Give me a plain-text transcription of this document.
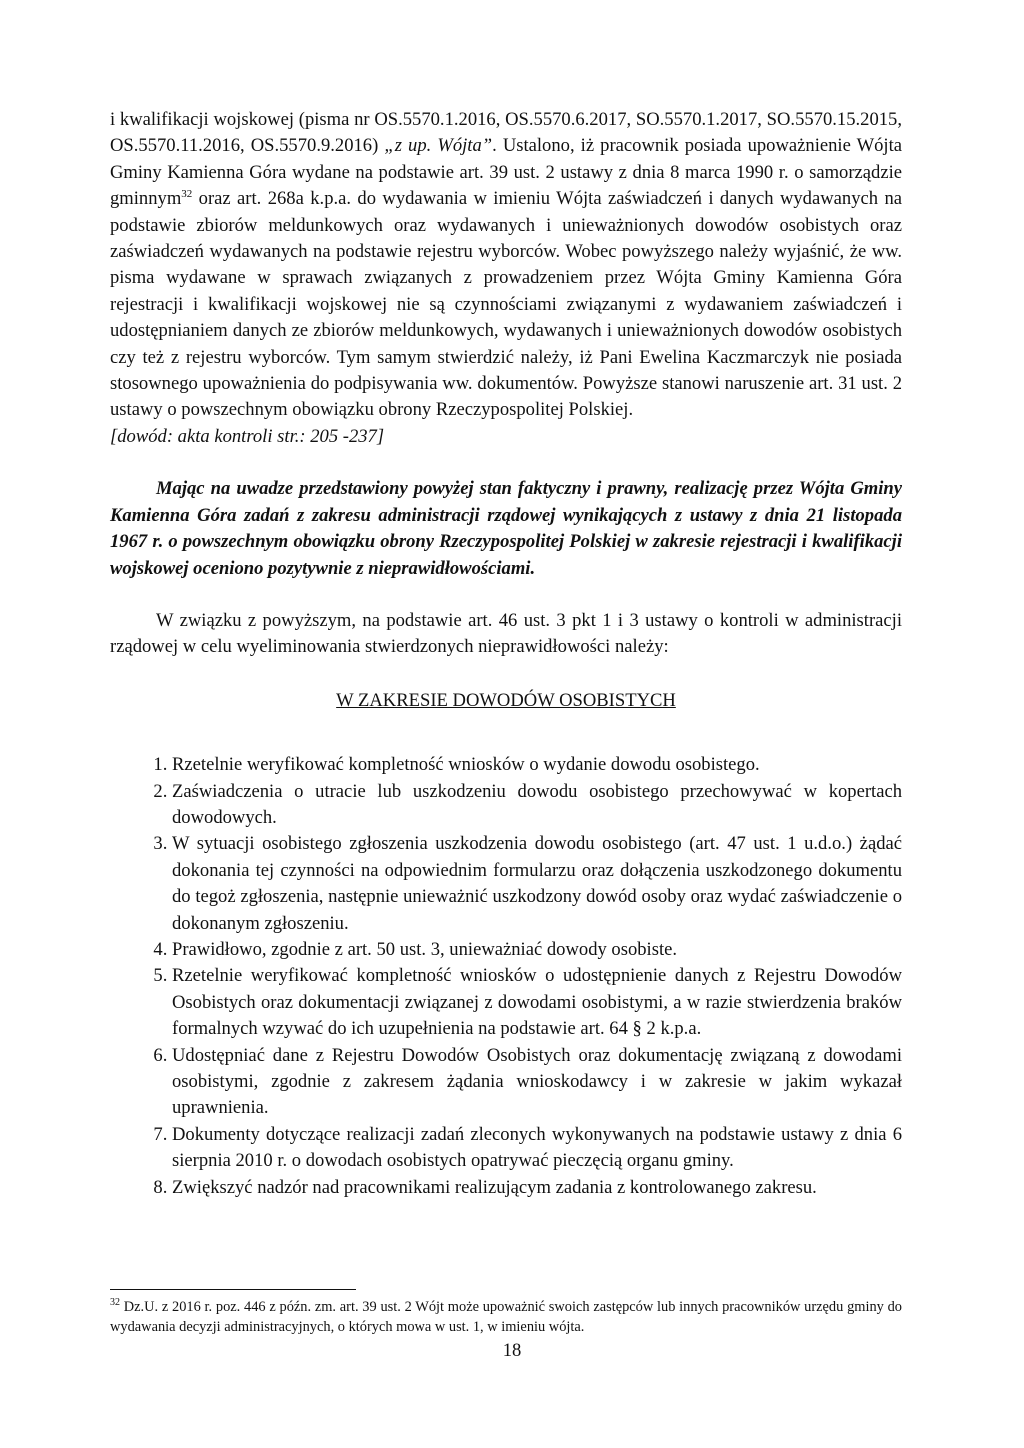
i kwalifikacji wojskowej (pisma nr OS.5570.1.2016, OS.5570.6.2017, SO.5570.1.2017, SO.5570.15.2015, OS.5570.11.2016, OS.5570.9.2016) „z up. Wójta”. Ustalono, iż pracownik posiada upoważnienie Wójta Gminy Kamienna Góra wydane na podstawie art. 39 ust. 2 ustawy z dnia 8 marca 1990 r. o samorządzie gminnym$^{32}$ oraz art. 268a k.p.a. do wydawania w imieniu Wójta zaświadczeń i danych wydawanych na podstawie zbiorów meldunkowych oraz wydawanych i unieważnionych dowodów osobistych oraz zaświadczeń wydawanych na podstawie rejestru wyborców. Wobec powyższego należy wyjaśnić, że ww. pisma wydawane w sprawach związanych z prowadzeniem przez Wójta Gminy Kamienna Góra rejestracji i kwalifikacji wojskowej nie są czynnościami związanymi z wydawaniem zaświadczeń i udostępnianiem danych ze zbiorów meldunkowych, wydawanych i unieważnionych dowodów osobistych czy też z rejestru wyborców. Tym samym stwierdzić należy, iż Pani Ewelina Kaczmarczyk nie posiada stosownego upoważnienia do podpisywania ww. dokumentów. Powyższe stanowi naruszenie art. 31 ust. 2 ustawy o powszechnym obowiązku obrony Rzeczypospolitej Polskiej.

[dowód: akta kontroli str.: 205 -237]

Mając na uwadze przedstawiony powyżej stan faktyczny i prawny, realizację przez Wójta Gminy Kamienna Góra zadań z zakresu administracji rządowej wynikających z ustawy z dnia 21 listopada 1967 r. o powszechnym obowiązku obrony Rzeczypospolitej Polskiej w zakresie rejestracji i kwalifikacji wojskowej oceniono pozytywnie z nieprawidłowościami.

W związku z powyższym, na podstawie art. 46 ust. 3 pkt 1 i 3 ustawy o kontroli w administracji rządowej w celu wyeliminowania stwierdzonych nieprawidłowości należy:

W ZAKRESIE DOWODÓW OSOBISTYCH

1. Rzetelnie weryfikować kompletność wniosków o wydanie dowodu osobistego.
2. Zaświadczenia o utracie lub uszkodzeniu dowodu osobistego przechowywać w kopertach dowodowych.
3. W sytuacji osobistego zgłoszenia uszkodzenia dowodu osobistego (art. 47 ust. 1 u.d.o.) żądać dokonania tej czynności na odpowiednim formularzu oraz dołączenia uszkodzonego dokumentu do tegoż zgłoszenia, następnie unieważnić uszkodzony dowód osoby oraz wydać zaświadczenie o dokonanym zgłoszeniu.
4. Prawidłowo, zgodnie z art. 50 ust. 3, unieważniać dowody osobiste.
5. Rzetelnie weryfikować kompletność wniosków o udostępnienie danych z Rejestru Dowodów Osobistych oraz dokumentacji związanej z dowodami osobistymi, a w razie stwierdzenia braków formalnych wzywać do ich uzupełnienia na podstawie art. 64 § 2 k.p.a.
6. Udostępniać dane z Rejestru Dowodów Osobistych oraz dokumentację związaną z dowodami osobistymi, zgodnie z zakresem żądania wnioskodawcy i w zakresie w jakim wykazał uprawnienia.
7. Dokumenty dotyczące realizacji zadań zleconych wykonywanych na podstawie ustawy z dnia 6 sierpnia 2010 r. o dowodach osobistych opatrywać pieczęcią organu gminy.
8. Zwiększyć nadzór nad pracownikami realizującym zadania z kontrolowanego zakresu.

$^{32}$ Dz.U. z 2016 r. poz. 446 z późn. zm. art. 39 ust. 2 Wójt może upoważnić swoich zastępców lub innych pracowników urzędu gminy do wydawania decyzji administracyjnych, o których mowa w ust. 1, w imieniu wójta.

18
